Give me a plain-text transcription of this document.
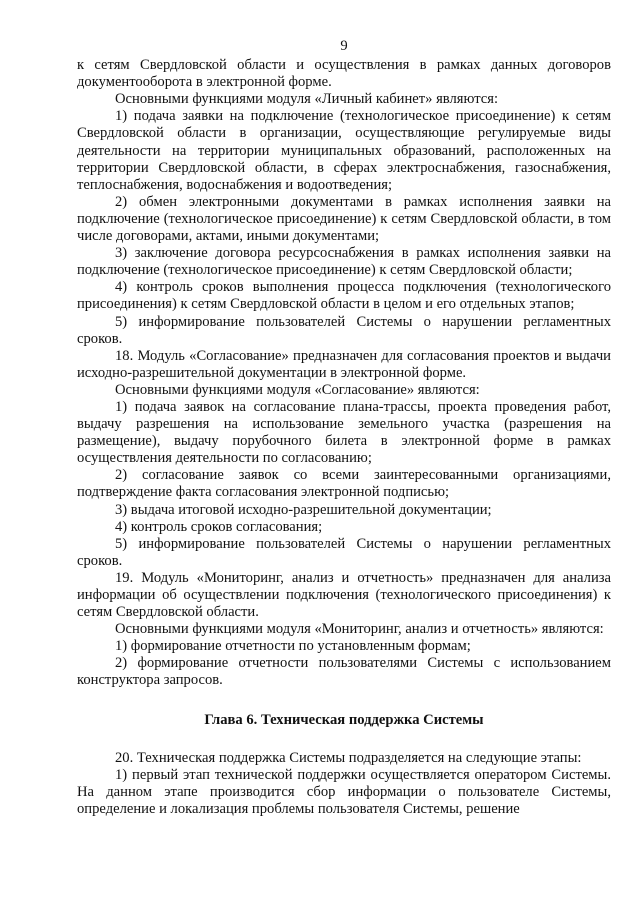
9

к сетям Свердловской области и осуществления в рамках данных договоров документооборота в электронной форме.

Основными функциями модуля «Личный кабинет» являются:

1) подача заявки на подключение (технологическое присоединение) к сетям Свердловской области в организации, осуществляющие регулируемые виды деятельности на территории муниципальных образований, расположенных на территории Свердловской области, в сферах электроснабжения, газоснабжения, теплоснабжения, водоснабжения и водоотведения;

2) обмен электронными документами в рамках исполнения заявки на подключение (технологическое присоединение) к сетям Свердловской области, в том числе договорами, актами, иными документами;

3) заключение договора ресурсоснабжения в рамках исполнения заявки на подключение (технологическое присоединение) к сетям Свердловской области;

4) контроль сроков выполнения процесса подключения (технологического присоединения) к сетям Свердловской области в целом и его отдельных этапов;

5) информирование пользователей Системы о нарушении регламентных сроков.

18. Модуль «Согласование» предназначен для согласования проектов и выдачи исходно-разрешительной документации в электронной форме.

Основными функциями модуля «Согласование» являются:

1) подача заявок на согласование плана-трассы, проекта проведения работ, выдачу разрешения на использование земельного участка (разрешения на размещение), выдачу порубочного билета в электронной форме в рамках осуществления деятельности по согласованию;

2) согласование заявок со всеми заинтересованными организациями, подтверждение факта согласования электронной подписью;

3) выдача итоговой исходно-разрешительной документации;

4) контроль сроков согласования;

5) информирование пользователей Системы о нарушении регламентных сроков.

19. Модуль «Мониторинг, анализ и отчетность» предназначен для анализа информации об осуществлении подключения (технологического присоединения) к сетям Свердловской области.

Основными функциями модуля «Мониторинг, анализ и отчетность» являются:

1) формирование отчетности по установленным формам;

2) формирование отчетности пользователями Системы с использованием конструктора запросов.

Глава 6. Техническая поддержка Системы

20. Техническая поддержка Системы подразделяется на следующие этапы:

1) первый этап технической поддержки осуществляется оператором Системы. На данном этапе производится сбор информации о пользователе Системы, определение и локализация проблемы пользователя Системы, решение
